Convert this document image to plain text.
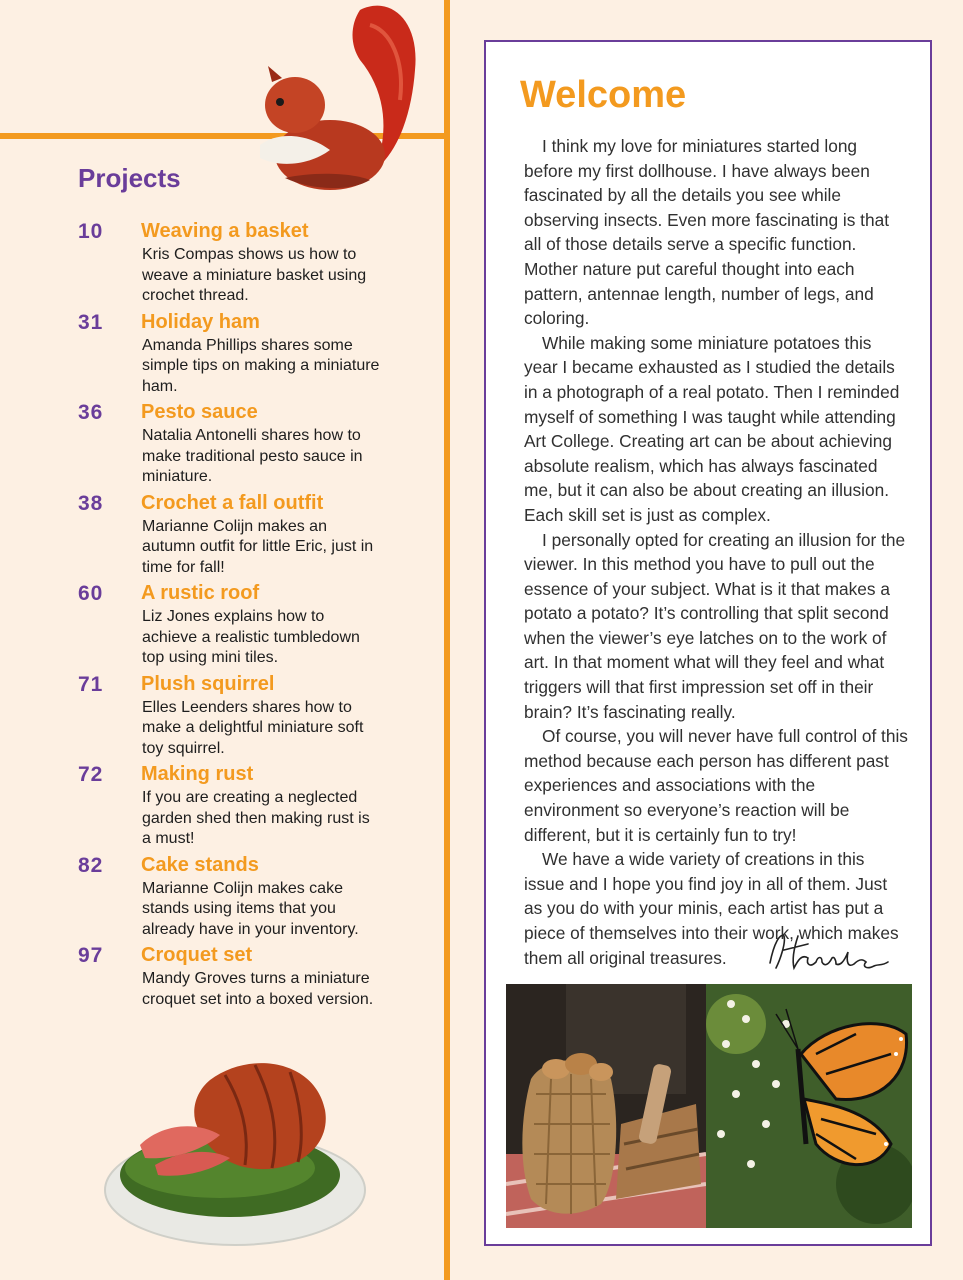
Projects
10 Weaving a basket
Kris Compas shows us how to weave a miniature basket using crochet thread.
31 Holiday ham
Amanda Phillips shares some simple tips on making a miniature ham.
36 Pesto sauce
Natalia Antonelli shares how to make traditional pesto sauce in miniature.
38 Crochet a fall outfit
Marianne Colijn makes an autumn outfit for little Eric, just in time for fall!
60 A rustic roof
Liz Jones explains how to achieve a realistic tumbledown top using mini tiles.
71 Plush squirrel
Elles Leenders shares how to make a delightful miniature soft toy squirrel.
72 Making rust
If you are creating a neglected garden shed then making rust is a must!
82 Cake stands
Marianne Colijn makes cake stands using items that you already have in your inventory.
97 Croquet set
Mandy Groves turns a miniature croquet set into a boxed version.
Welcome

I think my love for miniatures started long before my first dollhouse. I have always been fascinated by all the details you see while observing insects. Even more fascinating is that all of those details serve a specific function. Mother nature put careful thought into each pattern, antennae length, number of legs, and coloring.

While making some miniature potatoes this year I became exhausted as I studied the details in a photograph of a real potato. Then I reminded myself of something I was taught while attending Art College. Creating art can be about achieving absolute realism, which has always fascinated me, but it can also be about creating an illusion. Each skill set is just as complex.

I personally opted for creating an illusion for the viewer. In this method you have to pull out the essence of your subject. What is it that makes a potato a potato? It’s controlling that split second when the viewer’s eye latches on to the work of art. In that moment what will they feel and what triggers will that first impression set off in their brain? It’s fascinating really.

Of course, you will never have full control of this method because each person has different past experiences and associations with the environment so everyone’s reaction will be different, but it is certainly fun to try!

We have a wide variety of creations in this issue and I hope you find joy in all of them. Just as you do with your minis, each artist has put a piece of themselves into their work, which makes them all original treasures.
